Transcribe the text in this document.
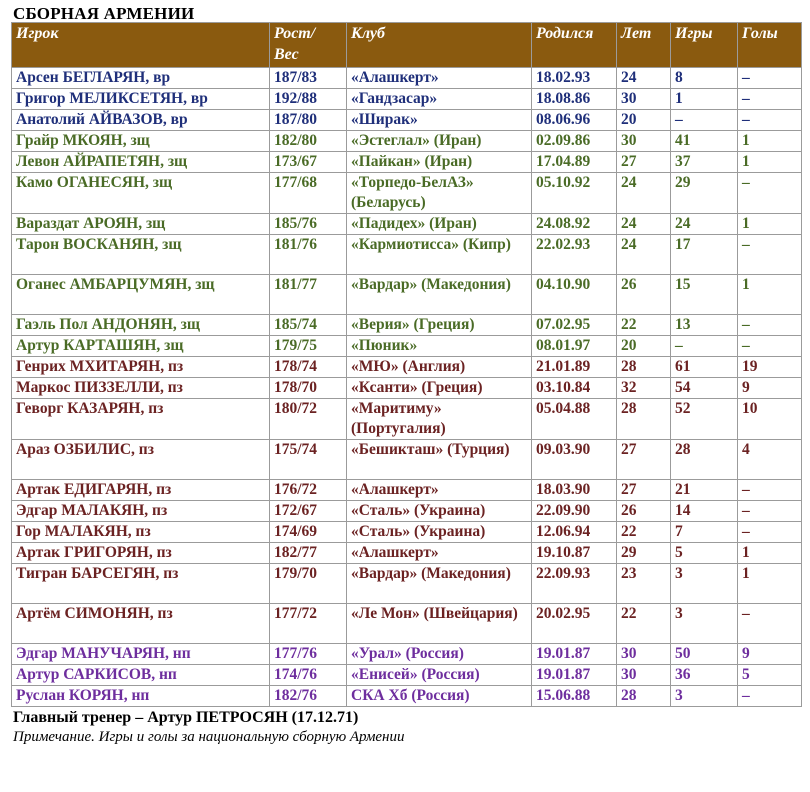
СБОРНАЯ АРМЕНИИ
Игрок	Рост/ Вес	Клуб	Родился	Лет	Игры	Голы
Арсен БЕГЛАРЯН, вр	187/83	«Алашкерт»	18.02.93	24	8	–
Григор МЕЛИКСЕТЯН, вр	192/88	«Гандзасар»	18.08.86	30	1	–
Анатолий АЙВАЗОВ, вр	187/80	«Ширак»	08.06.96	20	–	–
Грайр МКОЯН, зщ	182/80	«Эстеглал» (Иран)	02.09.86	30	41	1
Левон АЙРАПЕТЯН, зщ	173/67	«Пайкан» (Иран)	17.04.89	27	37	1
Камо ОГАНЕСЯН, зщ	177/68	«Торпедо-БелАЗ» (Беларусь)	05.10.92	24	29	–
Вараздат АРОЯН, зщ	185/76	«Падидех» (Иран)	24.08.92	24	24	1
Тарон ВОСКАНЯН, зщ	181/76	«Кармиотисса» (Кипр)	22.02.93	24	17	–
Оганес АМБАРЦУМЯН, зщ	181/77	«Вардар» (Македония)	04.10.90	26	15	1
Гаэль Пол АНДОНЯН, зщ	185/74	«Верия» (Греция)	07.02.95	22	13	–
Артур КАРТАШЯН, зщ	179/75	«Пюник»	08.01.97	20	–	–
Генрих МХИТАРЯН, пз	178/74	«МЮ» (Англия)	21.01.89	28	61	19
Маркос ПИЗЗЕЛЛИ, пз	178/70	«Ксанти» (Греция)	03.10.84	32	54	9
Геворг КАЗАРЯН, пз	180/72	«Маритиму» (Португалия)	05.04.88	28	52	10
Араз ОЗБИЛИС, пз	175/74	«Бешикташ» (Турция)	09.03.90	27	28	4
Артак ЕДИГАРЯН, пз	176/72	«Алашкерт»	18.03.90	27	21	–
Эдгар МАЛАКЯН, пз	172/67	«Сталь» (Украина)	22.09.90	26	14	–
Гор МАЛАКЯН, пз	174/69	«Сталь» (Украина)	12.06.94	22	7	–
Артак ГРИГОРЯН, пз	182/77	«Алашкерт»	19.10.87	29	5	1
Тигран БАРСЕГЯН, пз	179/70	«Вардар» (Македония)	22.09.93	23	3	1
Артём СИМОНЯН, пз	177/72	«Ле Мон» (Швейцария)	20.02.95	22	3	–
Эдгар МАНУЧАРЯН, нп	177/76	«Урал» (Россия)	19.01.87	30	50	9
Артур САРКИСОВ, нп	174/76	«Енисей» (Россия)	19.01.87	30	36	5
Руслан КОРЯН, нп	182/76	СКА Хб (Россия)	15.06.88	28	3	–
Главный тренер – Артур ПЕТРОСЯН (17.12.71)
Примечание. Игры и голы за национальную сборную Армении
